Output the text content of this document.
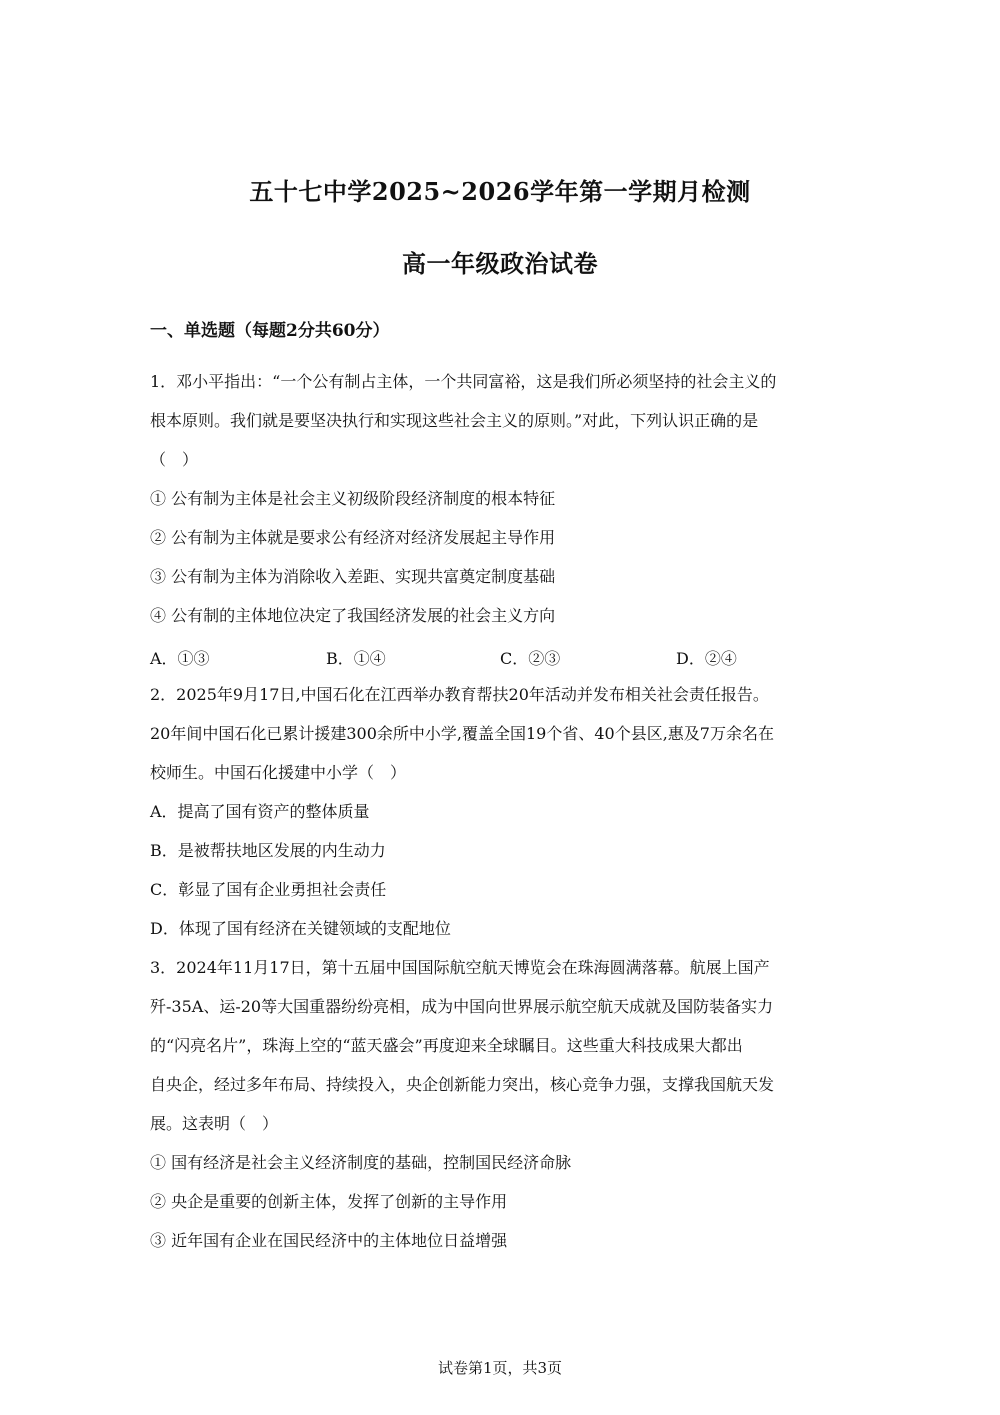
五十七中学2025~2026学年第一学期月检测
高一年级政治试卷
一、单选题（每题2分共60分）
1．邓小平指出：“一个公有制占主体，一个共同富裕，这是我们所必须坚持的社会主义的
根本原则。我们就是要坚决执行和实现这些社会主义的原则。”对此，下列认识正确的是
（　）
① 公有制为主体是社会主义初级阶段经济制度的根本特征
② 公有制为主体就是要求公有经济对经济发展起主导作用
③ 公有制为主体为消除收入差距、实现共富奠定制度基础
④ 公有制的主体地位决定了我国经济发展的社会主义方向
A．①③	B．①④	C．②③	D．②④
2．2025年9月17日,中国石化在江西举办教育帮扶20年活动并发布相关社会责任报告。
20年间中国石化已累计援建300余所中小学,覆盖全国19个省、40个县区,惠及7万余名在
校师生。中国石化援建中小学（　）
A．提高了国有资产的整体质量
B．是被帮扶地区发展的内生动力
C．彰显了国有企业勇担社会责任
D．体现了国有经济在关键领域的支配地位
3．2024年11月17日，第十五届中国国际航空航天博览会在珠海圆满落幕。航展上国产
歼-35A、运-20等大国重器纷纷亮相，成为中国向世界展示航空航天成就及国防装备实力
的“闪亮名片”，珠海上空的“蓝天盛会”再度迎来全球瞩目。这些重大科技成果大都出
自央企，经过多年布局、持续投入，央企创新能力突出，核心竞争力强，支撑我国航天发
展。这表明（　）
① 国有经济是社会主义经济制度的基础，控制国民经济命脉
② 央企是重要的创新主体，发挥了创新的主导作用
③ 近年国有企业在国民经济中的主体地位日益增强
试卷第1页，共3页
